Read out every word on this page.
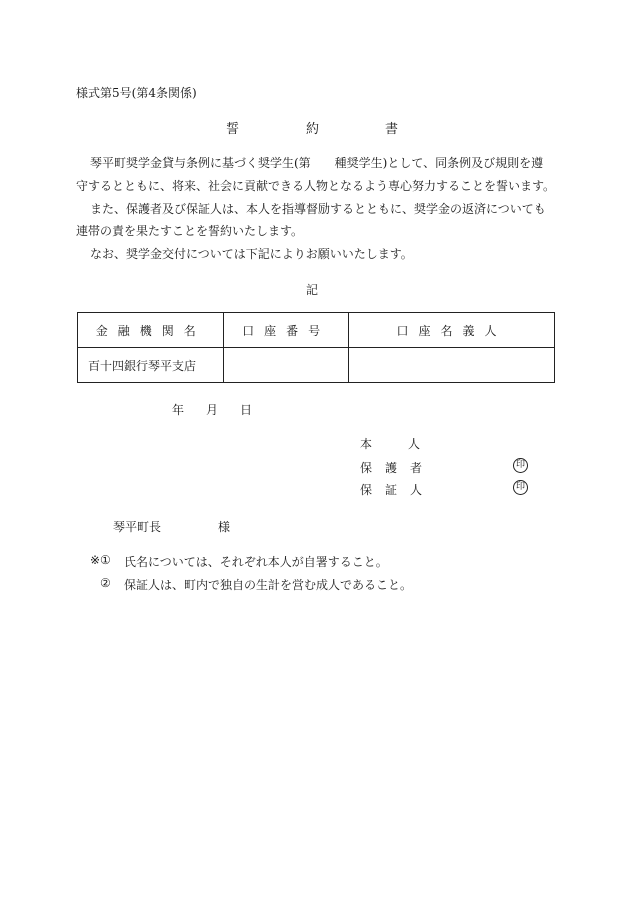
様式第5号(第4条関係)
誓	約	書
琴平町奨学金貸与条例に基づく奨学生(第　　種奨学生)として、同条例及び規則を遵
守するとともに、将来、社会に貢献できる人物となるよう専心努力することを誓います。
また、保護者及び保証人は、本人を指導督励するとともに、奨学金の返済についても
連帯の責を果たすことを誓約いたします。
なお、奨学金交付については下記によりお願いいたします。
記
金融機関名	口座番号	口座名義人
百十四銀行琴平支店		
年 月 日
本人
保護者
保証人
印
印
琴平町長	様
※① 氏名については、それぞれ本人が自署すること。
② 保証人は、町内で独自の生計を営む成人であること。
